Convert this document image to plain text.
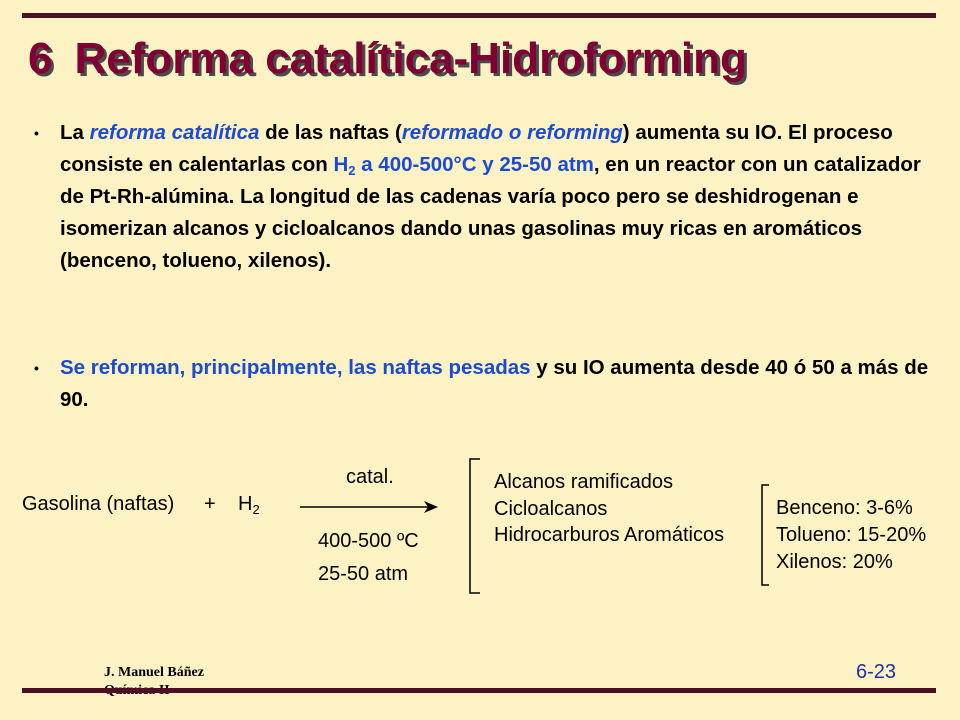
6 Reforma catalítica-Hidroforming
• La reforma catalítica de las naftas (reformado o reforming) aumenta su IO. El proceso consiste en calentarlas con $H_2$ a 400-500°C y 25-50 atm, en un reactor con un catalizador de Pt-Rh-alúmina. La longitud de las cadenas varía poco pero se deshidrogenan e isomerizan alcanos y cicloalcanos dando unas gasolinas muy ricas en aromáticos (benceno, tolueno, xilenos).
• Se reforman, principalmente, las naftas pesadas y su IO aumenta desde 40 ó 50 a más de 90.
Gasolina (naftas) + $H_2$
catal.
400-500 ºC
25-50 atm
Alcanos ramificados
Cicloalcanos
Hidrocarburos Aromáticos
Benceno: 3-6%
Tolueno: 15-20%
Xilenos: 20%
J. Manuel Báñez	6-23
